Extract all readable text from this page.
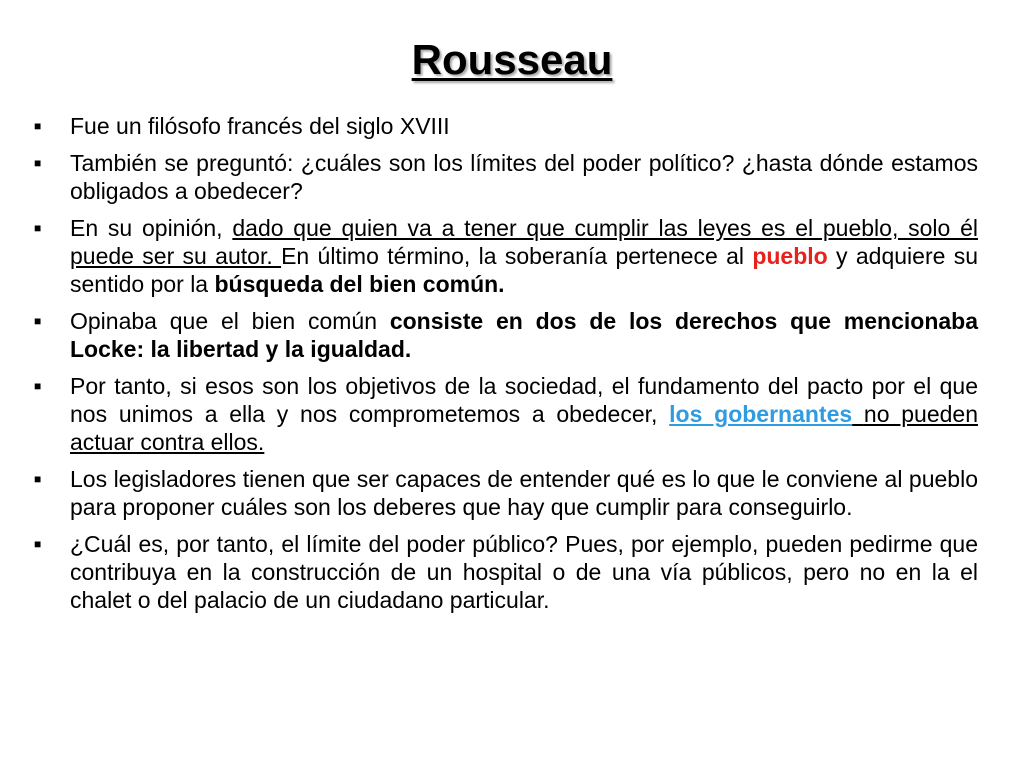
Rousseau
■
Fue un filósofo francés del siglo XVIII
■
También se preguntó: ¿cuáles son los límites del poder político? ¿hasta dónde estamos obligados a obedecer?
■
En su opinión, dado que quien va a tener que cumplir las leyes es el pueblo, solo él puede ser su autor. En último término, la soberanía pertenece al pueblo y adquiere su sentido por la búsqueda del bien común.
■
Opinaba que el bien común consiste en dos de los derechos que mencionaba Locke: la libertad y la igualdad.
■
Por tanto, si esos son los objetivos de la sociedad, el fundamento del pacto por el que nos unimos a ella y nos comprometemos a obedecer, los gobernantes no pueden actuar contra ellos.
■
Los legisladores tienen que ser capaces de entender qué es lo que le conviene al pueblo para proponer cuáles son los deberes que hay que cumplir para conseguirlo.
■
¿Cuál es, por tanto, el límite del poder público? Pues, por ejemplo, pueden pedirme que contribuya en la construcción de un hospital o de una vía públicos, pero no en la el chalet o del palacio de un ciudadano particular.
